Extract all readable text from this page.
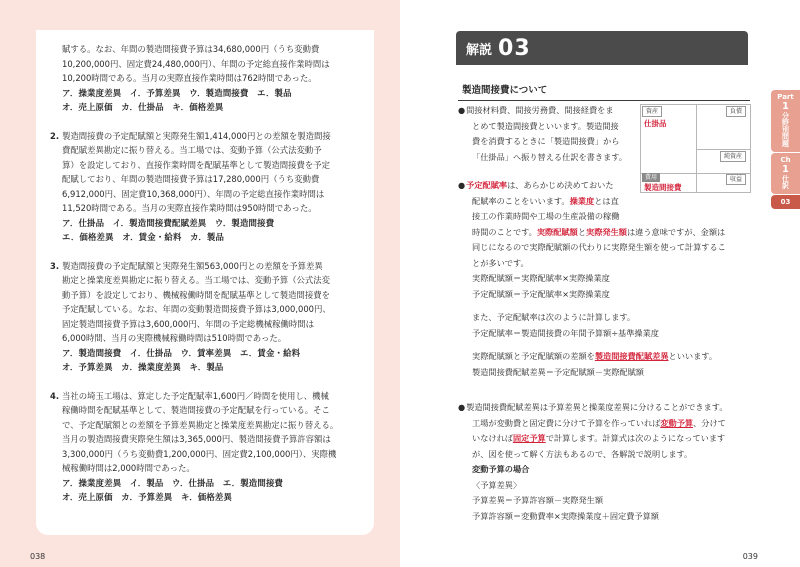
賦する。なお、年間の製造間接費予算は34,680,000円（うち変動費
10,200,000円、固定費24,480,000円）、年間の予定総直接作業時間は
10,200時間である。当月の実際直接作業時間は762時間であった。
ア．操業度差異　イ．予算差異　ウ．製造間接費　エ．製品
オ．売上原価　カ．仕掛品　キ．価格差異
2. 製造間接費の予定配賦額と実際発生額1,414,000円との差額を製造間接
費配賦差異勘定に振り替える。当工場では、変動予算（公式法変動予
算）を設定しており、直接作業時間を配賦基準として製造間接費を予定
配賦しており、年間の製造間接費予算は17,280,000円（うち変動費
6,912,000円、固定費10,368,000円）、年間の予定総直接作業時間は
11,520時間である。当月の実際直接作業時間は950時間であった。
ア．仕掛品　イ．製造間接費配賦差異　ウ．製造間接費
エ．価格差異　オ．賃金・給料　カ．製品
3. 製造間接費の予定配賦額と実際発生額563,000円との差額を予算差異
勘定と操業度差異勘定に振り替える。当工場では、変動予算（公式法変
動予算）を設定しており、機械稼働時間を配賦基準として製造間接費を
予定配賦している。なお、年間の変動製造間接費予算は3,000,000円、
固定製造間接費予算は3,600,000円、年間の予定総機械稼働時間は
6,000時間、当月の実際機械稼働時間は510時間であった。
ア．製造間接費　イ．仕掛品　ウ．賃率差異　エ．賃金・給料
オ．予算差異　カ．操業度差異　キ．製品
4. 当社の埼玉工場は、算定した予定配賦率1,600円／時間を使用し、機械
稼働時間を配賦基準として、製造間接費の予定配賦を行っている。そこ
で、予定配賦額との差額を予算差異勘定と操業度差異勘定に振り替える。
当月の製造間接費実際発生額は3,365,000円、製造間接費予算許容額は
3,300,000円（うち変動費1,200,000円、固定費2,100,000円）、実際機
械稼働時間は2,000時間であった。
ア．操業度差異　イ．製品　ウ．仕掛品　エ．製造間接費
オ．売上原価　カ．予算差異　キ．価格差異
038
解説 03
製造間接費について
資産	負債
純資産
費用	収益
仕掛品
製造間接費
● 間接材料費、間接労務費、間接経費をま
とめて製造間接費といいます。製造間接
費を消費するときに「製造間接費」から
「仕掛品」へ振り替える仕訳を書きます。
● 予定配賦率は、あらかじめ決めておいた
配賦率のことをいいます。操業度とは直
接工の作業時間や工場の生産設備の稼働
時間のことです。実際配賦額と実際発生額は違う意味ですが、金額は
同じになるので実際配賦額の代わりに実際発生額を使って計算するこ
とが多いです。
実際配賦額＝実際配賦率×実際操業度
予定配賦額＝予定配賦率×実際操業度
また、予定配賦率は次のように計算します。
予定配賦率＝製造間接費の年間予算額÷基準操業度
実際配賦額と予定配賦額の差額を製造間接費配賦差異といいます。
製造間接費配賦差異＝予定配賦額－実際配賦額
● 製造間接費配賦差異は予算差異と操業度差異に分けることができます。
工場が変動費と固定費に分けて予算を作っていれば変動予算、分けて
いなければ固定予算で計算します。計算式は次のようになっています
が、図を使って解く方法もあるので、各解説で説明します。
変動予算の場合
〈予算差異〉
予算差異＝予算許容額－実際発生額
予算許容額＝変動費率×実際操業度＋固定費予算額
039
Part
1
分野別問題
Ch
1
仕訳
03
